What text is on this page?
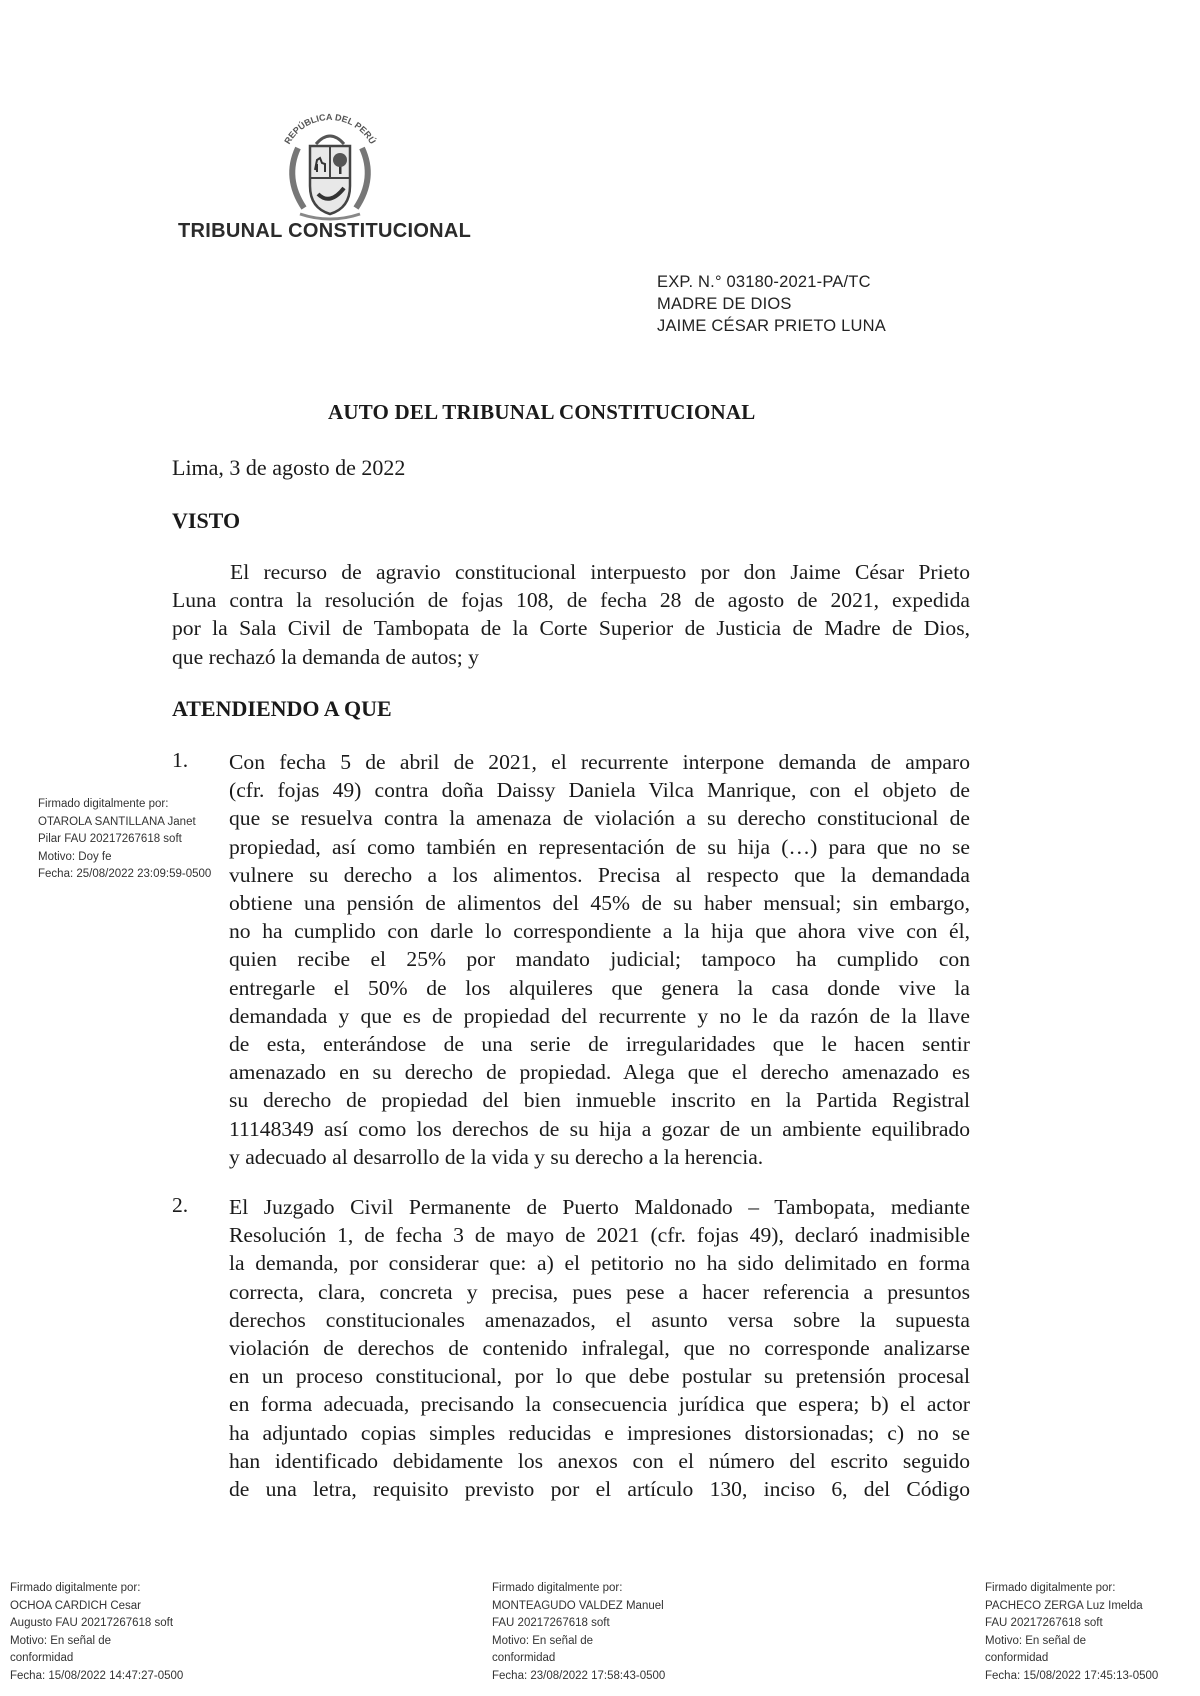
REPÚBLICA DEL PERÚ
TRIBUNAL CONSTITUCIONAL
EXP. N.° 03180-2021-PA/TC
MADRE DE DIOS
JAIME CÉSAR PRIETO LUNA
AUTO DEL TRIBUNAL CONSTITUCIONAL
Lima, 3 de agosto de 2022
VISTO
El recurso de agravio constitucional interpuesto por don Jaime César Prieto
Luna contra la resolución de fojas 108, de fecha 28 de agosto de 2021, expedida
por la Sala Civil de Tambopata de la Corte Superior de Justicia de Madre de Dios,
que rechazó la demanda de autos; y
ATENDIENDO A QUE
1. Con fecha 5 de abril de 2021, el recurrente interpone demanda de amparo
(cfr. fojas 49) contra doña Daissy Daniela Vilca Manrique, con el objeto de
que se resuelva contra la amenaza de violación a su derecho constitucional de
propiedad, así como también en representación de su hija (…) para que no se
vulnere su derecho a los alimentos. Precisa al respecto que la demandada
obtiene una pensión de alimentos del 45% de su haber mensual; sin embargo,
no ha cumplido con darle lo correspondiente a la hija que ahora vive con él,
quien recibe el 25% por mandato judicial; tampoco ha cumplido con
entregarle el 50% de los alquileres que genera la casa donde vive la
demandada y que es de propiedad del recurrente y no le da razón de la llave
de esta, enterándose de una serie de irregularidades que le hacen sentir
amenazado en su derecho de propiedad. Alega que el derecho amenazado es
su derecho de propiedad del bien inmueble inscrito en la Partida Registral
11148349 así como los derechos de su hija a gozar de un ambiente equilibrado
y adecuado al desarrollo de la vida y su derecho a la herencia.
2. El Juzgado Civil Permanente de Puerto Maldonado – Tambopata, mediante
Resolución 1, de fecha 3 de mayo de 2021 (cfr. fojas 49), declaró inadmisible
la demanda, por considerar que: a) el petitorio no ha sido delimitado en forma
correcta, clara, concreta y precisa, pues pese a hacer referencia a presuntos
derechos constitucionales amenazados, el asunto versa sobre la supuesta
violación de derechos de contenido infralegal, que no corresponde analizarse
en un proceso constitucional, por lo que debe postular su pretensión procesal
en forma adecuada, precisando la consecuencia jurídica que espera; b) el actor
ha adjuntado copias simples reducidas e impresiones distorsionadas; c) no se
han identificado debidamente los anexos con el número del escrito seguido
de una letra, requisito previsto por el artículo 130, inciso 6, del Código
Firmado digitalmente por:
OTAROLA SANTILLANA Janet
Pilar FAU 20217267618 soft
Motivo: Doy fe
Fecha: 25/08/2022 23:09:59-0500
Firmado digitalmente por:
OCHOA CARDICH Cesar
Augusto FAU 20217267618 soft
Motivo: En señal de
conformidad
Fecha: 15/08/2022 14:47:27-0500
Firmado digitalmente por:
MONTEAGUDO VALDEZ Manuel
FAU 20217267618 soft
Motivo: En señal de
conformidad
Fecha: 23/08/2022 17:58:43-0500
Firmado digitalmente por:
PACHECO ZERGA Luz Imelda
FAU 20217267618 soft
Motivo: En señal de
conformidad
Fecha: 15/08/2022 17:45:13-0500
